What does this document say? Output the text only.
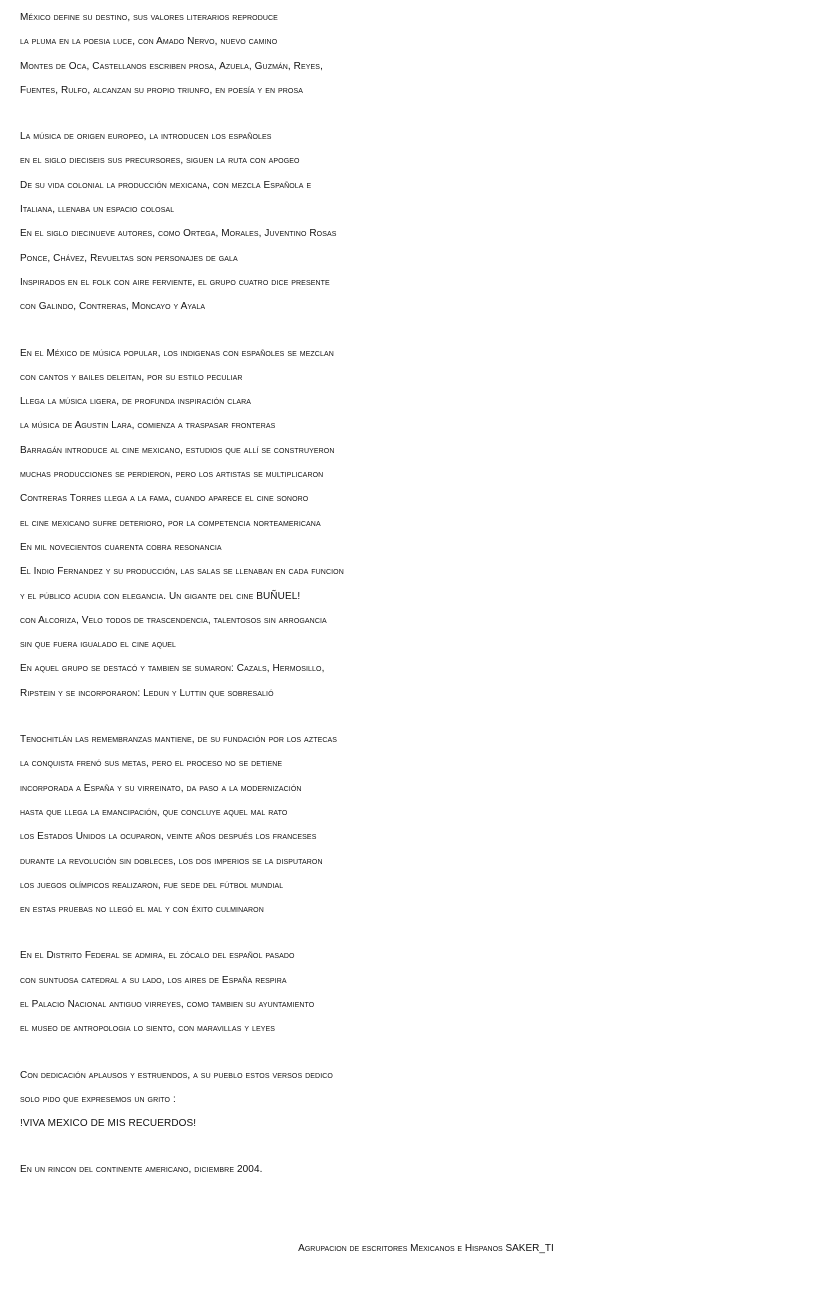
México define su destino, sus valores literarios reproduce
la pluma en la poesia luce, con Amado Nervo, nuevo camino
Montes de Oca, Castellanos escriben prosa, Azuela, Guzmán, Reyes,
Fuentes, Rulfo, alcanzan su propio triunfo, en poesía y en prosa
La música de origen europeo, la introducen los españoles
en el siglo dieciseis sus precursores, siguen la ruta con apogeo
De su vida colonial la producción mexicana, con mezcla Española e
Italiana, llenaba un espacio colosal
En el siglo diecinueve autores, como Ortega, Morales, Juventino Rosas
Ponce, Chávez, Revueltas son personajes de gala
Inspirados en el folk con aire ferviente, el grupo cuatro dice presente
con Galindo, Contreras, Moncayo y Ayala
En el México de música popular, los indigenas con españoles se mezclan
con cantos y bailes deleitan, por su estilo peculiar
Llega la música ligera, de profunda inspiración clara
la música de Agustin Lara, comienza a traspasar fronteras
Barragán introduce al cine mexicano, estudios que allí se construyeron
muchas producciones se perdieron, pero los artistas se multiplicaron
Contreras Torres llega a la fama, cuando aparece el cine sonoro
el cine mexicano sufre deterioro, por la competencia norteamericana
En mil novecientos cuarenta cobra resonancia
El Indio Fernandez y su producción, las salas se llenaban en cada funcion
y el público acudia con elegancia. Un gigante del cine BUÑUEL!
con Alcoriza, Velo todos de trascendencia, talentosos sin arrogancia
sin que fuera igualado el cine aquel
En aquel grupo se destacó y tambien se sumaron: Cazals, Hermosillo,
Ripstein y se incorporaron: Ledun y Luttin que sobresalió
Tenochitlán las remembranzas mantiene, de su fundación por los aztecas
la conquista frenó sus metas, pero el proceso no se detiene
incorporada a España y su virreinato, da paso a la modernización
hasta que llega la emancipación, que concluye aquel mal rato
los Estados Unidos la ocuparon, veinte años después los franceses
durante la revolución sin dobleces, los dos imperios se la disputaron
los juegos olímpicos realizaron, fue sede del fútbol mundial
en estas pruebas no llegó el mal y con éxito culminaron
En el Distrito Federal se admira, el zócalo del español pasado
con suntuosa catedral a su lado, los aires de España respira
el Palacio Nacional antiguo virreyes, como tambien su ayuntamiento
el museo de antropologia lo siento, con maravillas y leyes
Con dedicación aplausos y estruendos, a su pueblo estos versos dedico
solo pido que expresemos un grito :
!VIVA MEXICO DE MIS RECUERDOS!
En un rincon del continente americano, diciembre 2004.
Agrupacion de escritores Mexicanos e Hispanos SAKER_TI
